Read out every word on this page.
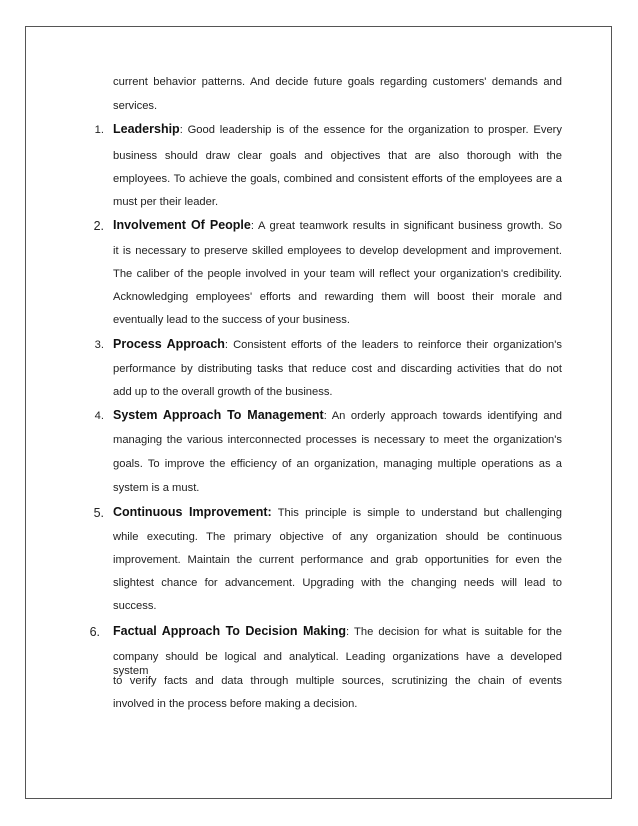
current behavior patterns. And decide future goals regarding customers' demands and
services.
1. Leadership: Good leadership is of the essence for the organization to prosper. Every
business should draw clear goals and objectives that are also thorough with the
employees. To achieve the goals, combined and consistent efforts of the employees are a
must per their leader.
2. Involvement Of People: A great teamwork results in significant business growth. So
it is necessary to preserve skilled employees to develop development and improvement.
The caliber of the people involved in your team will reflect your organization's credibility.
Acknowledging employees' efforts and rewarding them will boost their morale and
eventually lead to the success of your business.
3. Process Approach: Consistent efforts of the leaders to reinforce their organization's
performance by distributing tasks that reduce cost and discarding activities that do not
add up to the overall growth of the business.
4. System Approach To Management: An orderly approach towards identifying and
managing the various interconnected processes is necessary to meet the organization's
goals. To improve the efficiency of an organization, managing multiple operations as a
system is a must.
5. Continuous Improvement: This principle is simple to understand but challenging
while executing. The primary objective of any organization should be continuous
improvement. Maintain the current performance and grab opportunities for even the
slightest chance for advancement. Upgrading with the changing needs will lead to
success.
6. Factual Approach To Decision Making: The decision for what is suitable for the
company should be logical and analytical. Leading organizations have a developed system
to verify facts and data through multiple sources, scrutinizing the chain of events
involved in the process before making a decision.
